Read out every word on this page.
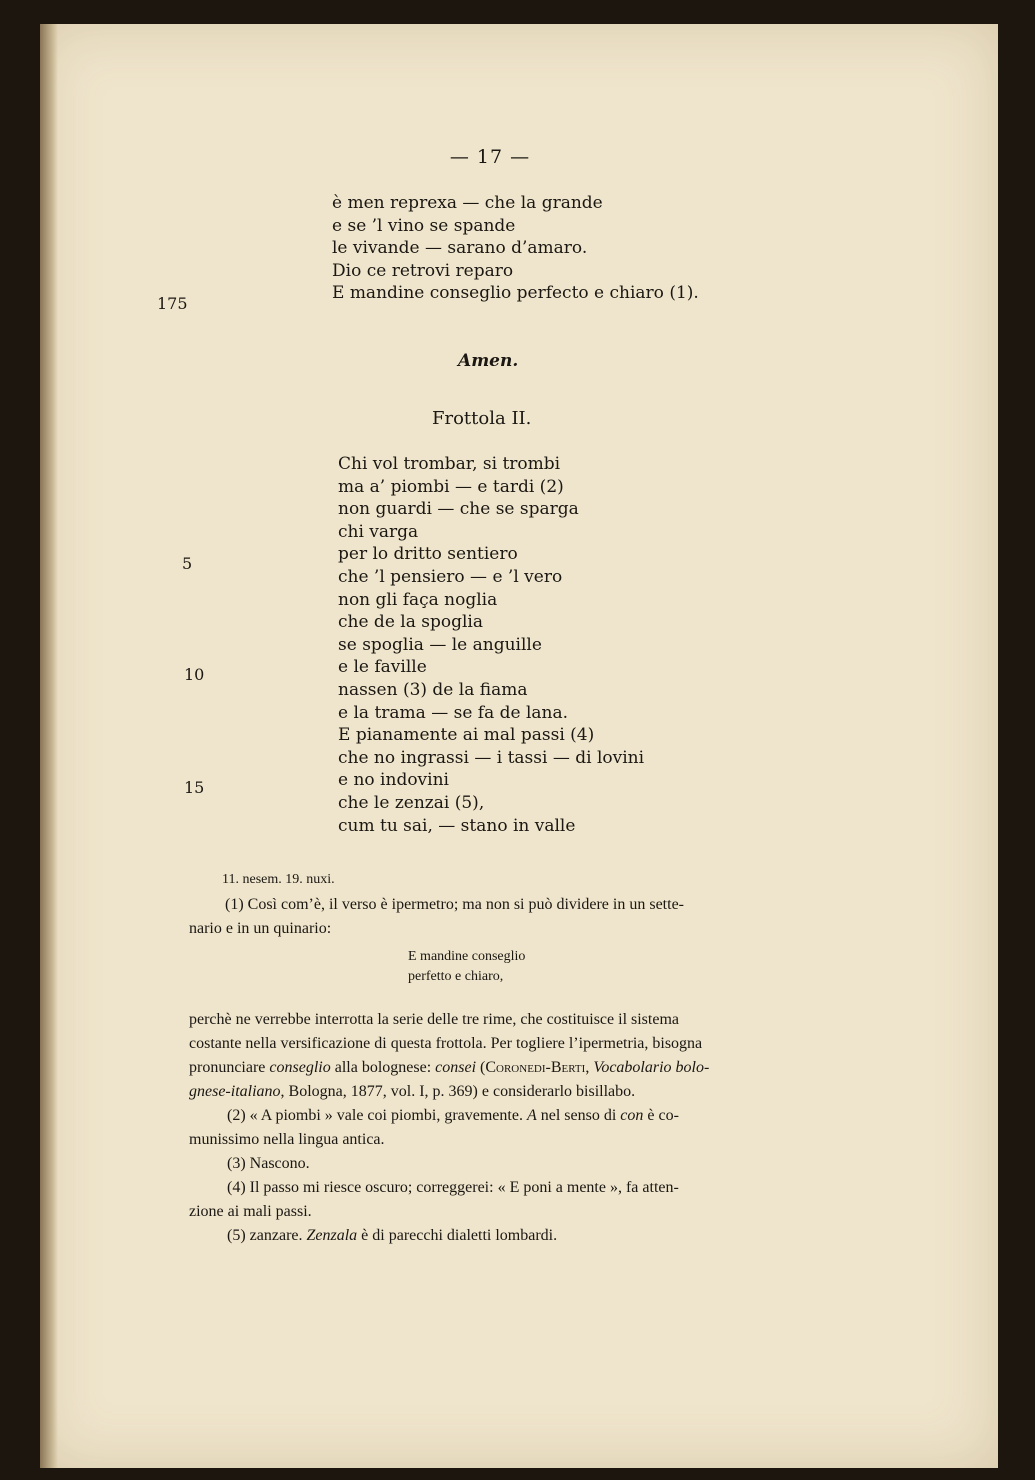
— 17 —
è men reprexa — che la grande
e se ’l vino se spande
le vivande — sarano d’amaro.
Dio ce retrovi reparo
E mandine conseglio perfecto e chiaro (1).
175
Amen.
Frottola II.
Chi vol trombar, si trombi
ma a’ piombi — e tardi (2)
non guardi — che se sparga
chi varga
per lo dritto sentiero
che ’l pensiero — e ’l vero
non gli faça noglia
che de la spoglia
se spoglia — le anguille
e le faville
nassen (3) de la fiama
e la trama — se fa de lana.
E pianamente ai mal passi (4)
che no ingrassi — i tassi — di lovini
e no indovini
che le zenzai (5),
cum tu sai, — stano in valle
5
10
15
11. nesem. 19. nuxi.
(1) Così com’è, il verso è ipermetro; ma non si può dividere in un sette-
nario e in un quinario:
E mandine conseglio
perfetto e chiaro,
perchè ne verrebbe interrotta la serie delle tre rime, che costituisce il sistema
costante nella versificazione di questa frottola. Per togliere l’ipermetria, bisogna
pronunciare conseglio alla bolognese: consei (Coronedi-Berti, Vocabolario bolo-
gnese-italiano, Bologna, 1877, vol. I, p. 369) e considerarlo bisillabo.
(2) « A piombi » vale coi piombi, gravemente. A nel senso di con è co-
munissimo nella lingua antica.
(3) Nascono.
(4) Il passo mi riesce oscuro; correggerei: « E poni a mente », fa atten-
zione ai mali passi.
(5) zanzare. Zenzala è di parecchi dialetti lombardi.
